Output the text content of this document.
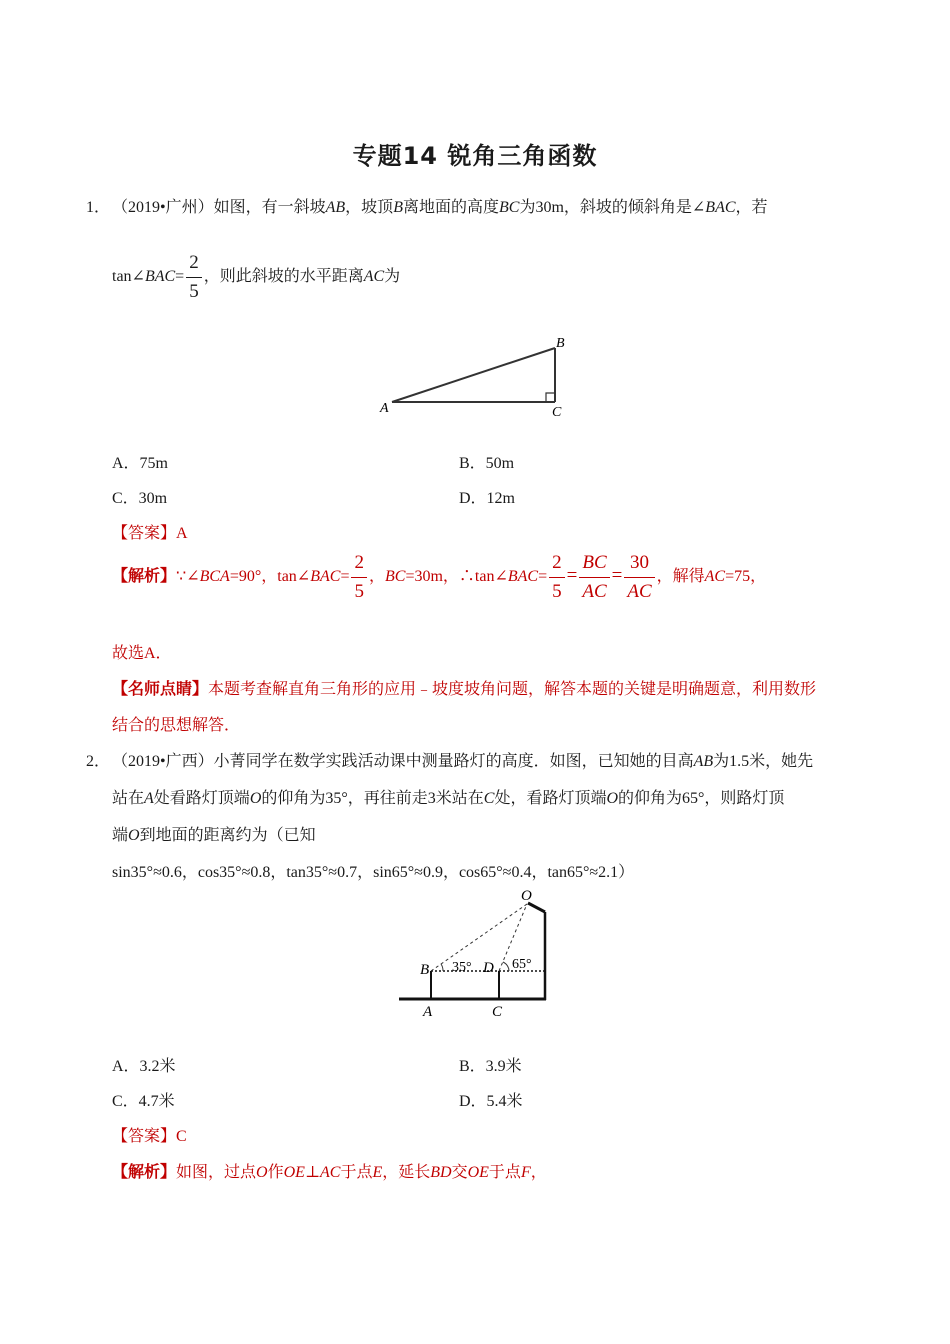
专题14 锐角三角函数
1． （2019•广州）如图，有一斜坡AB，坡顶B离地面的高度BC为30m，斜坡的倾斜角是∠BAC，若
tan∠BAC= $\frac{2}{5}$ ，则此斜坡的水平距离AC为
A
B
C
A．75m	B．50m
C．30m	D．12m
【答案】A
【解析】∵∠BCA=90°，tan∠BAC= $\frac{2}{5}$ ，BC=30m，∴tan∠BAC= $\frac{2}{5} = \frac{BC}{AC} = \frac{30}{AC}$ ，解得AC=75，
故选A．
【名师点睛】本题考查解直角三角形的应用﹣坡度坡角问题，解答本题的关键是明确题意，利用数形
结合的思想解答．
2． （2019•广西）小菁同学在数学实践活动课中测量路灯的高度．如图，已知她的目高AB为1.5米，她先
站在A处看路灯顶端O的仰角为35°，再往前走3米站在C处，看路灯顶端O的仰角为65°，则路灯顶
端O到地面的距离约为（已知
sin35°≈0.6，cos35°≈0.8，tan35°≈0.7，sin65°≈0.9，cos65°≈0.4，tan65°≈2.1）
O
B 35° D 65°
A	C
A．3.2米	B．3.9米
C．4.7米	D．5.4米
【答案】C
【解析】如图，过点O作OE⊥AC于点E，延长BD交OE于点F，
